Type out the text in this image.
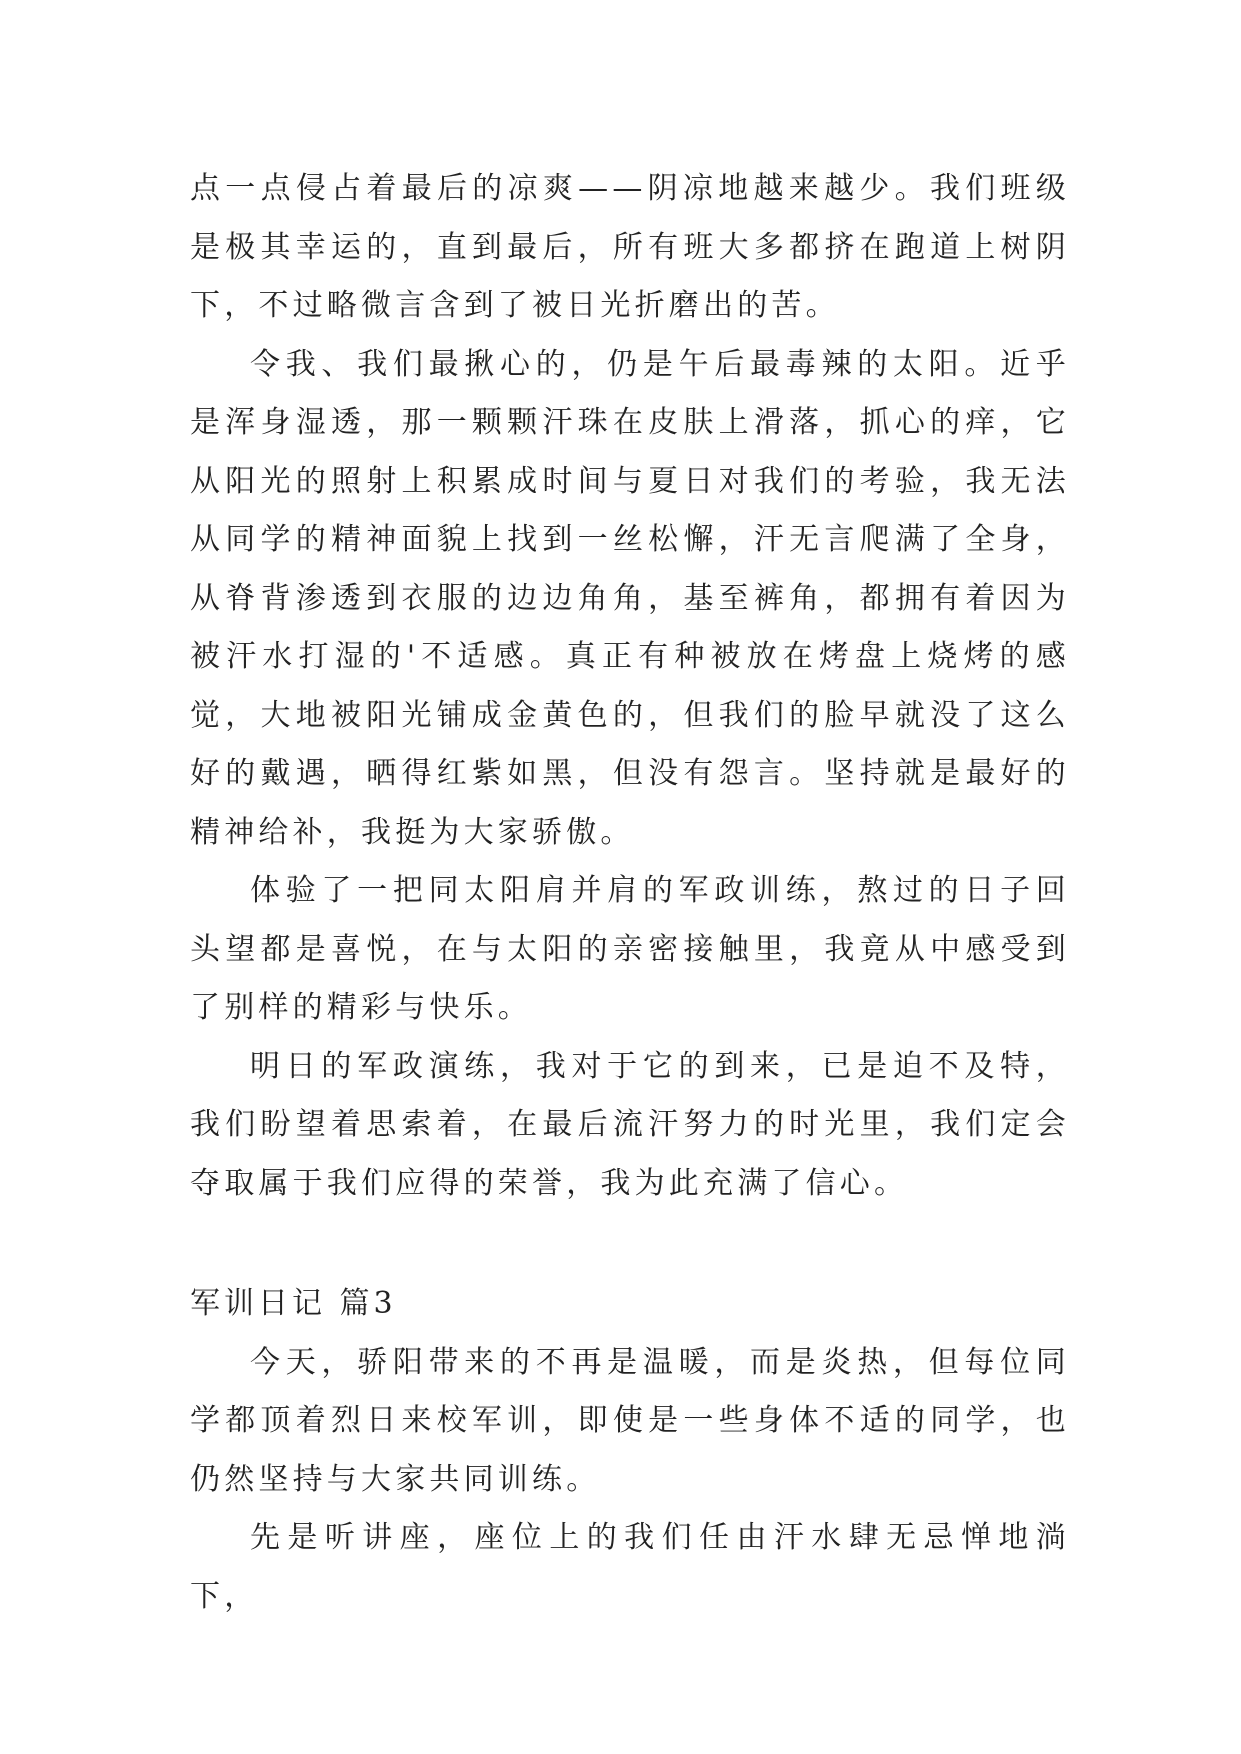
点一点侵占着最后的凉爽——阴凉地越来越少。我们班级是极其幸运的，直到最后，所有班大多都挤在跑道上树阴下，不过略微言含到了被日光折磨出的苦。

令我、我们最揪心的，仍是午后最毒辣的太阳。近乎是浑身湿透，那一颗颗汗珠在皮肤上滑落，抓心的痒，它从阳光的照射上积累成时间与夏日对我们的考验，我无法从同学的精神面貌上找到一丝松懈，汗无言爬满了全身，从脊背渗透到衣服的边边角角，基至裤角，都拥有着因为被汗水打湿的'不适感。真正有种被放在烤盘上烧烤的感觉，大地被阳光铺成金黄色的，但我们的脸早就没了这么好的戴遇，晒得红紫如黑，但没有怨言。坚持就是最好的精神给补，我挺为大家骄傲。

体验了一把同太阳肩并肩的军政训练，熬过的日子回头望都是喜悦，在与太阳的亲密接触里，我竟从中感受到了别样的精彩与快乐。

明日的军政演练，我对于它的到来，已是迫不及特，我们盼望着思索着，在最后流汗努力的时光里，我们定会夺取属于我们应得的荣誉，我为此充满了信心。

军训日记 篇3

今天，骄阳带来的不再是温暖，而是炎热，但每位同学都顶着烈日来校军训，即使是一些身体不适的同学，也仍然坚持与大家共同训练。

先是听讲座，座位上的我们任由汗水肆无忌惮地淌下，
